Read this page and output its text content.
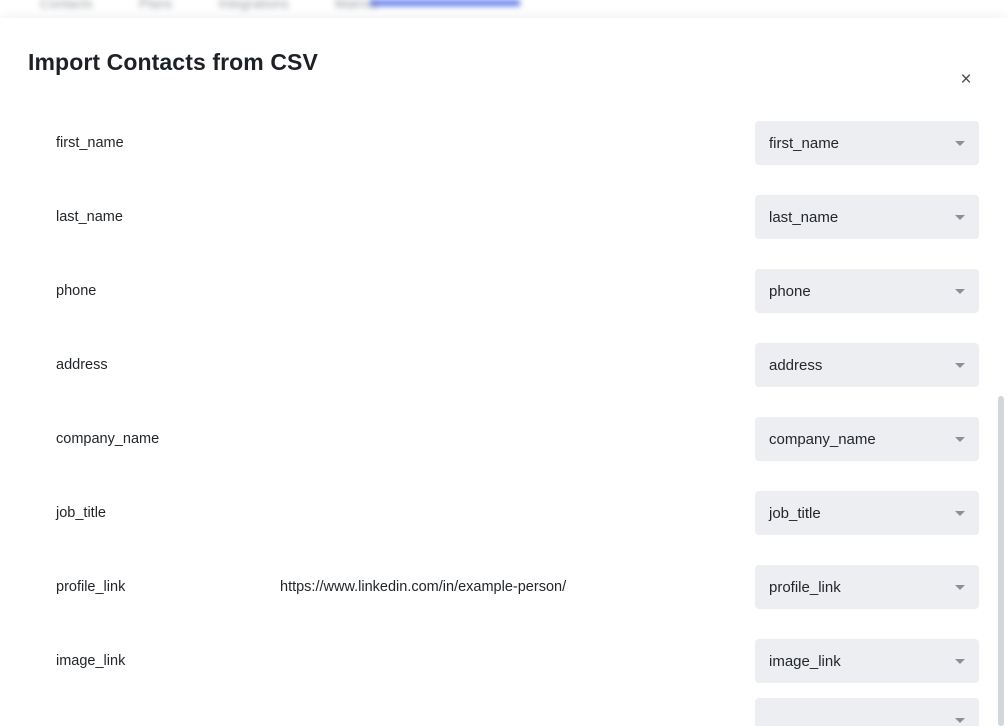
Contacts	Plans	Integrations	Matrics
Import Contacts from CSV
×
first_name	first_name
last_name	last_name
phone	phone
address	address
company_name	company_name
job_title	job_title
profile_link	https://www.linkedin.com/in/example-person/	profile_link
image_link	image_link
